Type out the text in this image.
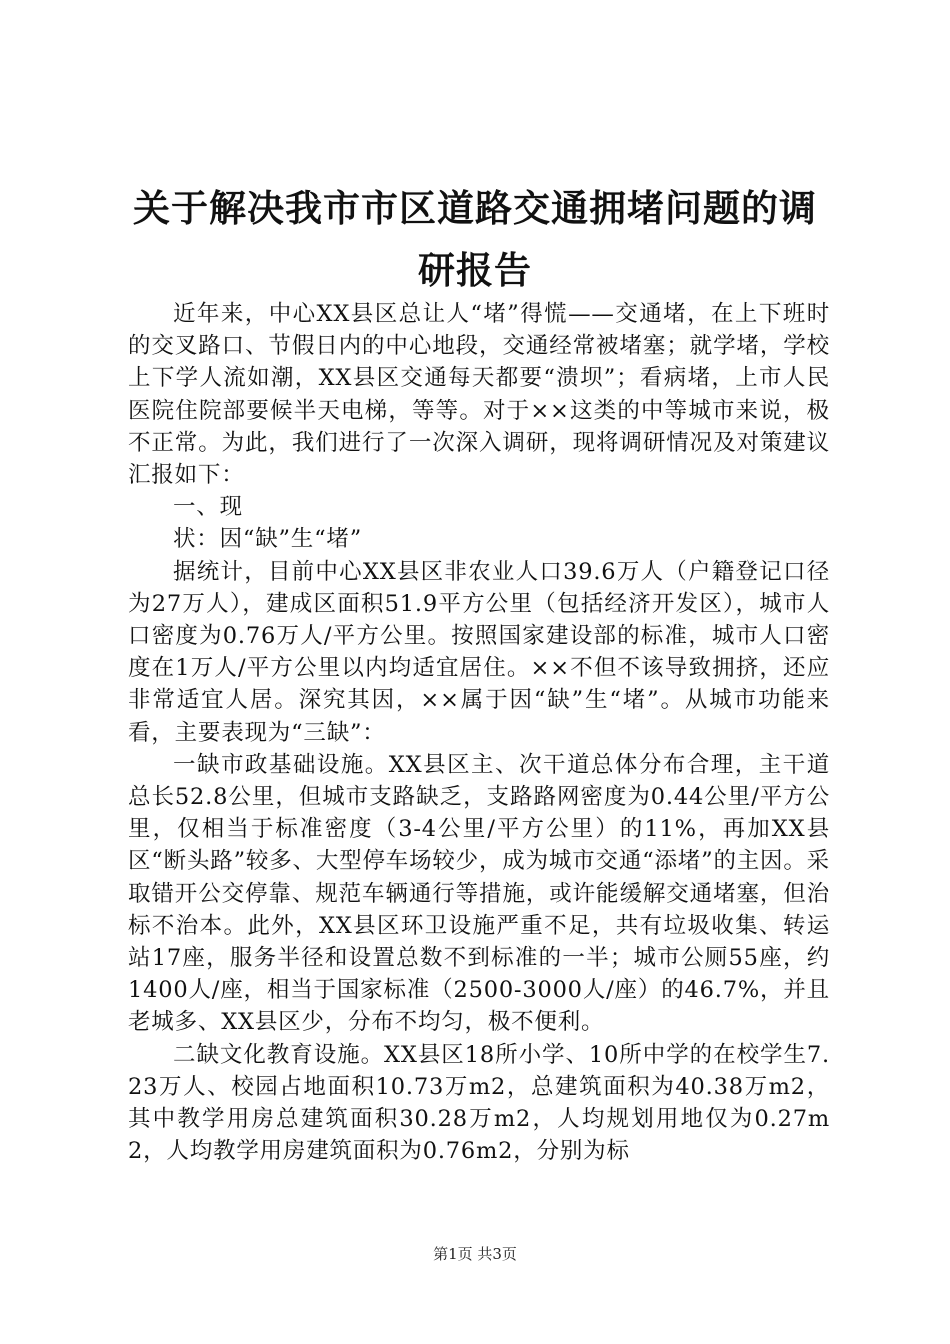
关于解决我市市区道路交通拥堵问题的调研报告

近年来，中心XX县区总让人“堵”得慌——交通堵，在上下班时的交叉路口、节假日内的中心地段，交通经常被堵塞；就学堵，学校上下学人流如潮，XX县区交通每天都要“溃坝”；看病堵，上市人民医院住院部要候半天电梯，等等。对于××这类的中等城市来说，极不正常。为此，我们进行了一次深入调研，现将调研情况及对策建议汇报如下：

一、现

状：因“缺”生“堵”

据统计，目前中心XX县区非农业人口39.6万人（户籍登记口径为27万人），建成区面积51.9平方公里（包括经济开发区），城市人口密度为0.76万人/平方公里。按照国家建设部的标准，城市人口密度在1万人/平方公里以内均适宜居住。××不但不该导致拥挤，还应非常适宜人居。深究其因，××属于因“缺”生“堵”。从城市功能来看，主要表现为“三缺”：

一缺市政基础设施。XX县区主、次干道总体分布合理，主干道总长52.8公里，但城市支路缺乏，支路路网密度为0.44公里/平方公里，仅相当于标准密度（3-4公里/平方公里）的11%，再加XX县区“断头路”较多、大型停车场较少，成为城市交通“添堵”的主因。采取错开公交停靠、规范车辆通行等措施，或许能缓解交通堵塞，但治标不治本。此外，XX县区环卫设施严重不足，共有垃圾收集、转运站17座，服务半径和设置总数不到标准的一半；城市公厕55座，约1400人/座，相当于国家标准（2500-3000人/座）的46.7%，并且老城多、XX县区少，分布不均匀，极不便利。

二缺文化教育设施。XX县区18所小学、10所中学的在校学生7.23万人、校园占地面积10.73万m2，总建筑面积为40.38万m2，其中教学用房总建筑面积30.28万m2，人均规划用地仅为0.27m2，人均教学用房建筑面积为0.76m2，分别为标

第1页 共3页
